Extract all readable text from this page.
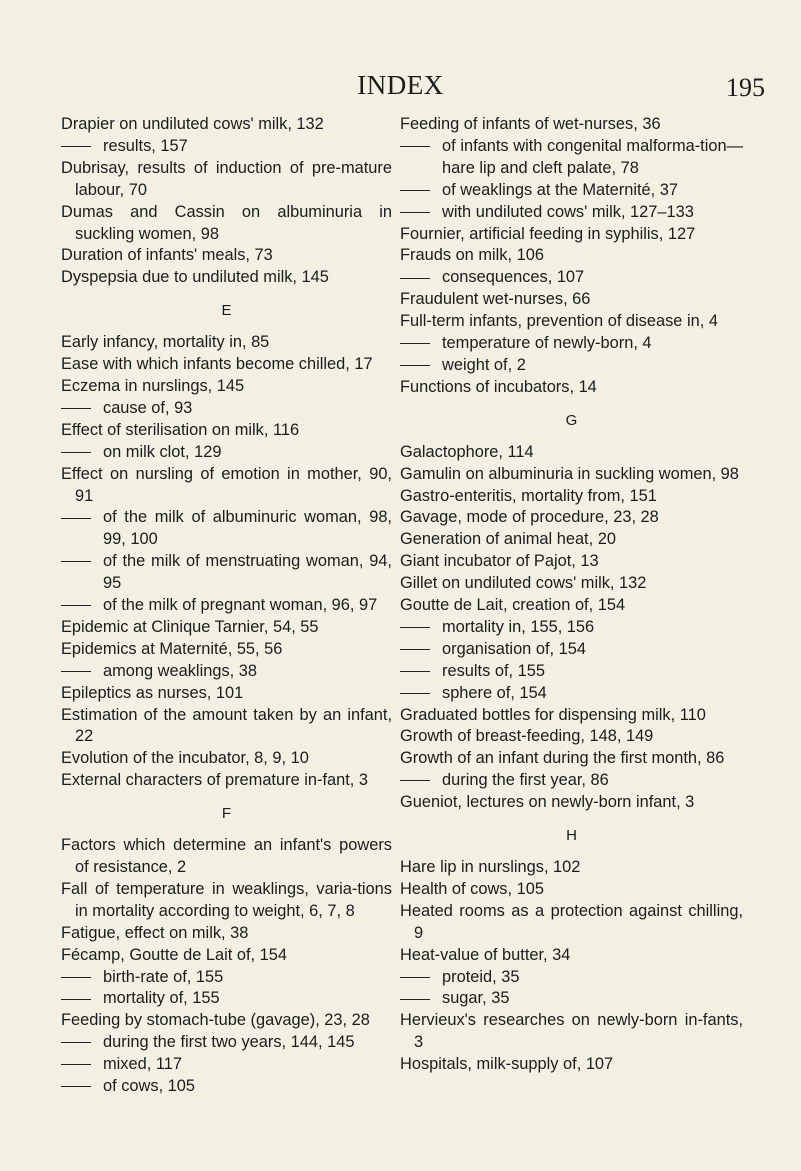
INDEX	195
Drapier on undiluted cows' milk, 132
results, 157
Dubrisay, results of induction of pre-mature labour, 70
Dumas and Cassin on albuminuria in suckling women, 98
Duration of infants' meals, 73
Dyspepsia due to undiluted milk, 145
E
Early infancy, mortality in, 85
Ease with which infants become chilled, 17
Eczema in nurslings, 145
cause of, 93
Effect of sterilisation on milk, 116
on milk clot, 129
Effect on nursling of emotion in mother, 90, 91
of the milk of albuminuric woman, 98, 99, 100
of the milk of menstruating woman, 94, 95
of the milk of pregnant woman, 96, 97
Epidemic at Clinique Tarnier, 54, 55
Epidemics at Maternité, 55, 56
among weaklings, 38
Epileptics as nurses, 101
Estimation of the amount taken by an infant, 22
Evolution of the incubator, 8, 9, 10
External characters of premature in-fant, 3
F
Factors which determine an infant's powers of resistance, 2
Fall of temperature in weaklings, varia-tions in mortality according to weight, 6, 7, 8
Fatigue, effect on milk, 38
Fécamp, Goutte de Lait of, 154
birth-rate of, 155
mortality of, 155
Feeding by stomach-tube (gavage), 23, 28
during the first two years, 144, 145
mixed, 117
of cows, 105
Feeding of infants of wet-nurses, 36
of infants with congenital malforma-tion—hare lip and cleft palate, 78
of weaklings at the Maternité, 37
with undiluted cows' milk, 127–133
Fournier, artificial feeding in syphilis, 127
Frauds on milk, 106
consequences, 107
Fraudulent wet-nurses, 66
Full-term infants, prevention of disease in, 4
temperature of newly-born, 4
weight of, 2
Functions of incubators, 14
G
Galactophore, 114
Gamulin on albuminuria in suckling women, 98
Gastro-enteritis, mortality from, 151
Gavage, mode of procedure, 23, 28
Generation of animal heat, 20
Giant incubator of Pajot, 13
Gillet on undiluted cows' milk, 132
Goutte de Lait, creation of, 154
mortality in, 155, 156
organisation of, 154
results of, 155
sphere of, 154
Graduated bottles for dispensing milk, 110
Growth of breast-feeding, 148, 149
Growth of an infant during the first month, 86
during the first year, 86
Gueniot, lectures on newly-born infant, 3
H
Hare lip in nurslings, 102
Health of cows, 105
Heated rooms as a protection against chilling, 9
Heat-value of butter, 34
proteid, 35
sugar, 35
Hervieux's researches on newly-born in-fants, 3
Hospitals, milk-supply of, 107
